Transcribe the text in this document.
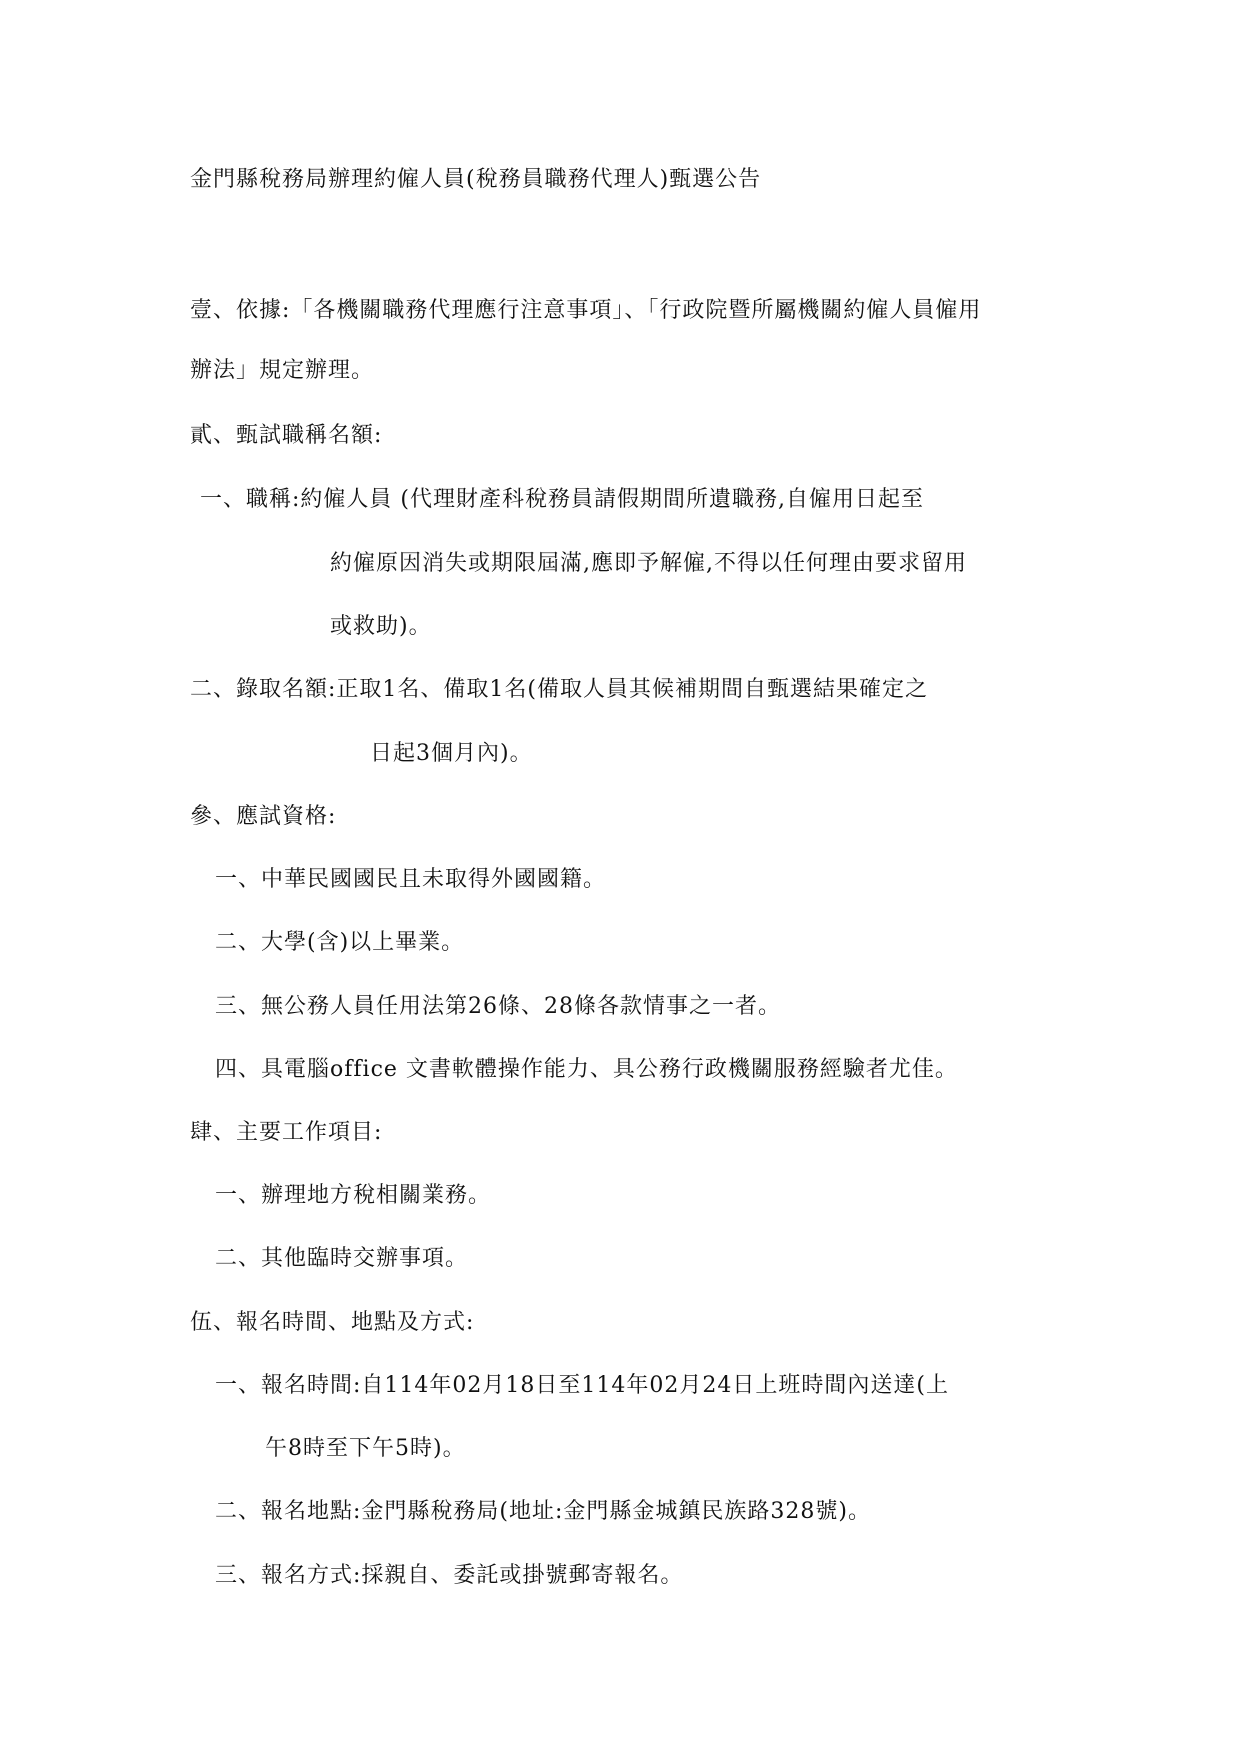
金門縣稅務局辦理約僱人員(稅務員職務代理人)甄選公告
壹、依據:「各機關職務代理應行注意事項」、「行政院暨所屬機關約僱人員僱用
辦法」規定辦理。
貳、甄試職稱名額:
一、職稱:約僱人員 (代理財產科稅務員請假期間所遺職務,自僱用日起至
約僱原因消失或期限屆滿,應即予解僱,不得以任何理由要求留用
或救助)。
二、錄取名額:正取1名、備取1名(備取人員其候補期間自甄選結果確定之
日起3個月內)。
參、應試資格:
一、中華民國國民且未取得外國國籍。
二、大學(含)以上畢業。
三、無公務人員任用法第26條、28條各款情事之一者。
四、具電腦office 文書軟體操作能力、具公務行政機關服務經驗者尤佳。
肆、主要工作項目:
一、辦理地方稅相關業務。
二、其他臨時交辦事項。
伍、報名時間、地點及方式:
一、報名時間:自114年02月18日至114年02月24日上班時間內送達(上
午8時至下午5時)。
二、報名地點:金門縣稅務局(地址:金門縣金城鎮民族路328號)。
三、報名方式:採親自、委託或掛號郵寄報名。
